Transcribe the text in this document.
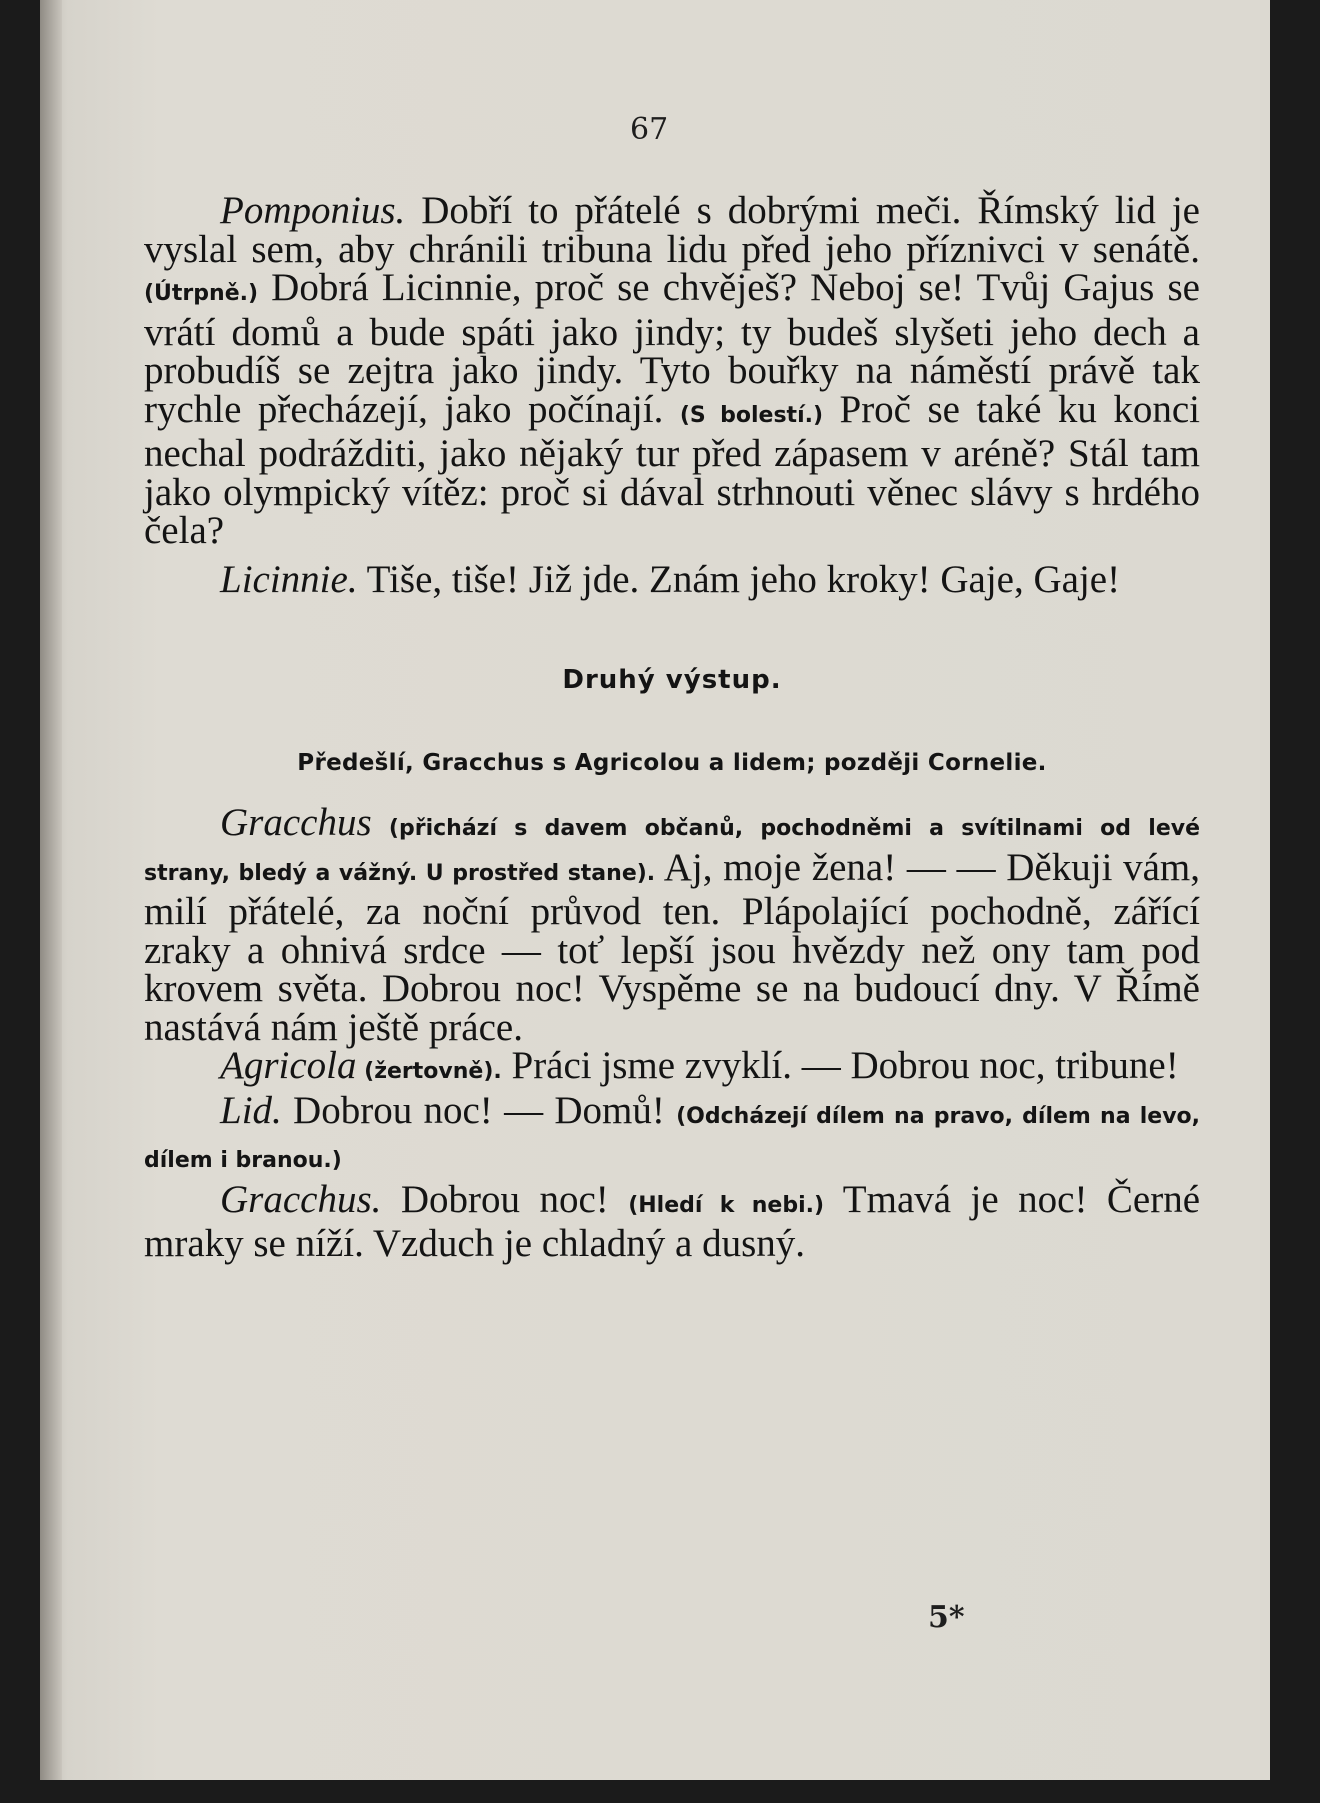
67

Pomponius. Dobří to přátelé s dobrými meči. Římský lid je vyslal sem, aby chránili tribuna lidu před jeho příznivci v senátě. (Útrpně.) Dobrá Licinnie, proč se chvěješ? Neboj se! Tvůj Gajus se vrátí domů a bude spáti jako jindy; ty budeš slyšeti jeho dech a probudíš se zejtra jako jindy. Tyto bouřky na náměstí právě tak rychle přecházejí, jako počínají. (S bolestí.) Proč se také ku konci nechal podrážditi, jako nějaký tur před zápasem v aréně? Stál tam jako olympický vítěz: proč si dával strhnouti věnec slávy s hrdého čela?

Licinnie. Tiše, tiše! Již jde. Znám jeho kroky! Gaje, Gaje!

Druhý výstup.

Předešlí, Gracchus s Agricolou a lidem; později Cornelie.

Gracchus (přichází s davem občanů, pochodněmi a svítilnami od levé strany, bledý a vážný. U prostřed stane). Aj, moje žena! — — Děkuji vám, milí přátelé, za noční průvod ten. Plápolající pochodně, zářící zraky a ohnivá srdce — toť lepší jsou hvězdy než ony tam pod krovem světa. Dobrou noc! Vyspěme se na budoucí dny. V Římě nastává nám ještě práce.

Agricola (žertovně). Práci jsme zvyklí. — Dobrou noc, tribune!

Lid. Dobrou noc! — Domů! (Odcházejí dílem na pravo, dílem na levo, dílem i branou.)

Gracchus. Dobrou noc! (Hledí k nebi.) Tmavá je noc! Černé mraky se níží. Vzduch je chladný a dusný.

5*
